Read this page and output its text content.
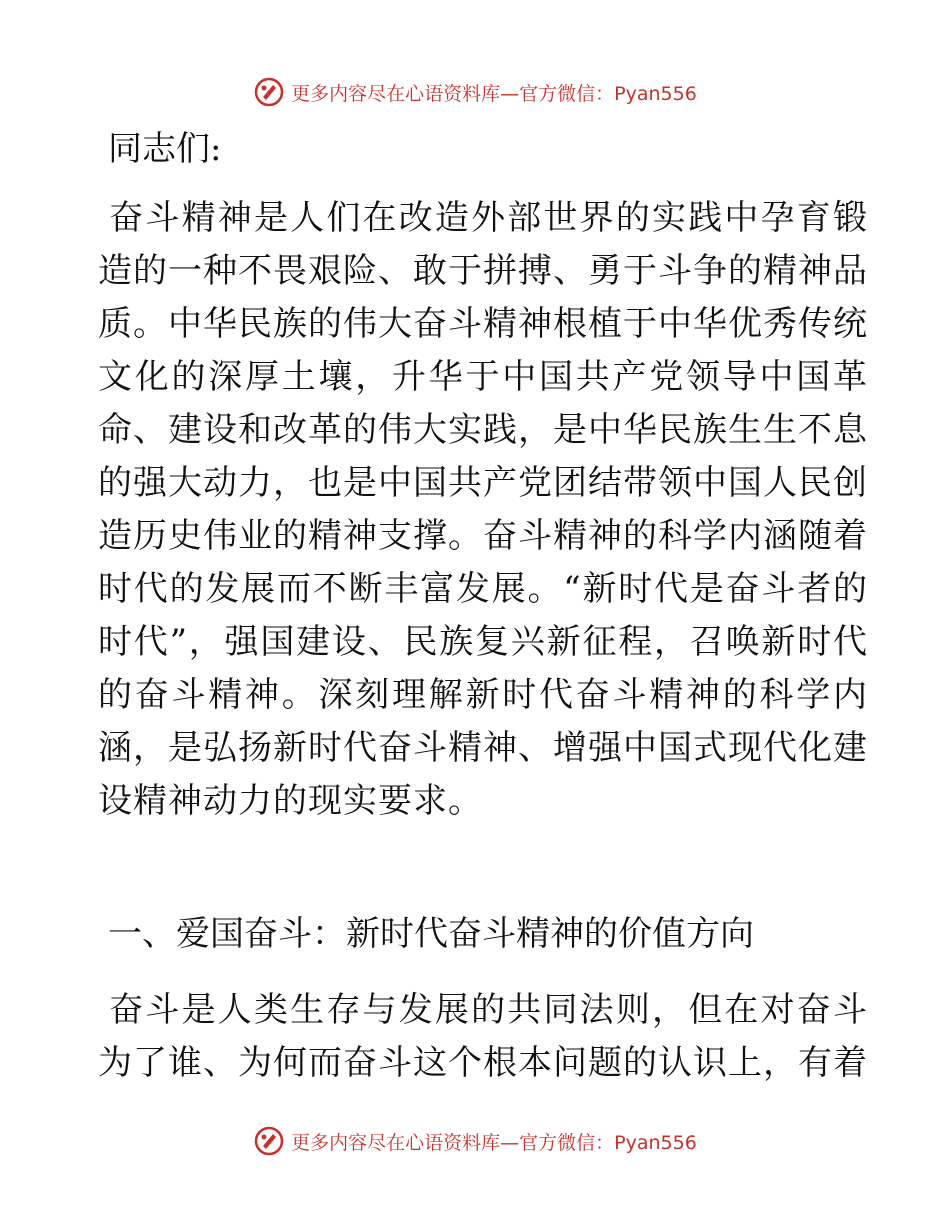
更多内容尽在心语资料库—官方微信：Pyan556

同志们:

奋斗精神是人们在改造外部世界的实践中孕育锻造的一种不畏艰险、敢于拼搏、勇于斗争的精神品质。中华民族的伟大奋斗精神根植于中华优秀传统文化的深厚土壤，升华于中国共产党领导中国革命、建设和改革的伟大实践，是中华民族生生不息的强大动力，也是中国共产党团结带领中国人民创造历史伟业的精神支撑。奋斗精神的科学内涵随着时代的发展而不断丰富发展。“新时代是奋斗者的时代”，强国建设、民族复兴新征程，召唤新时代的奋斗精神。深刻理解新时代奋斗精神的科学内涵，是弘扬新时代奋斗精神、增强中国式现代化建设精神动力的现实要求。

一、爱国奋斗：新时代奋斗精神的价值方向

奋斗是人类生存与发展的共同法则，但在对奋斗为了谁、为何而奋斗这个根本问题的认识上，有着

更多内容尽在心语资料库—官方微信：Pyan556
